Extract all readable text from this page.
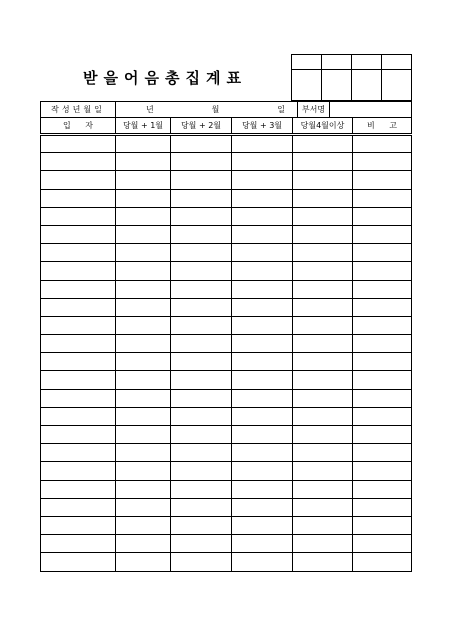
받을어음총집계표

작성년월일	년	월	일	부서명	
입 자	당월 + 1월	당월 + 2월	당월 + 3월	당월4월이상	비 고
